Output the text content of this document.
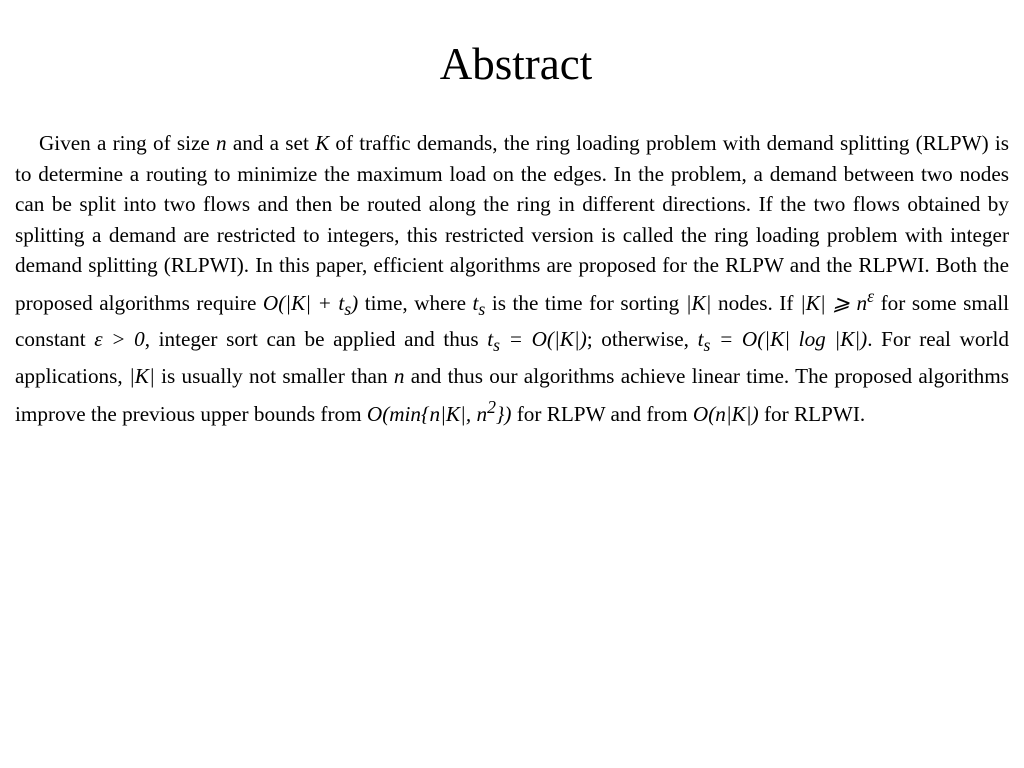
Abstract

Given a ring of size n and a set K of traffic demands, the ring loading problem with demand splitting (RLPW) is to determine a routing to minimize the maximum load on the edges. In the problem, a demand between two nodes can be split into two flows and then be routed along the ring in different directions. If the two flows obtained by splitting a demand are restricted to integers, this restricted version is called the ring loading problem with integer demand splitting (RLPWI). In this paper, efficient algorithms are proposed for the RLPW and the RLPWI. Both the proposed algorithms require $O(|K| + t_s)$ time, where $t_s$ is the time for sorting |K| nodes. If |K| ⩾ $n^\varepsilon$ for some small constant ε > 0, integer sort can be applied and thus $t_s = O(|K|)$; otherwise, $t_s = O(|K|$ log |K|). For real world applications, |K| is usually not smaller than n and thus our algorithms achieve linear time. The proposed algorithms improve the previous upper bounds from O(min{n|K|, $n^2$}) for RLPW and from O(n|K|) for RLPWI.
